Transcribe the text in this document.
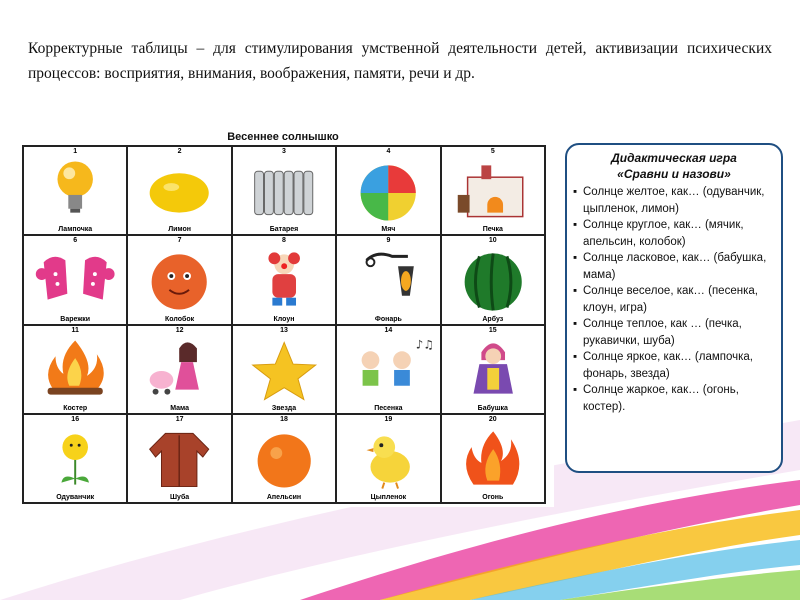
Корректурные таблицы – для стимулирования умственной деятельности детей, активизации психических процессов: восприятия, внимания, воображения, памяти, речи и др.
Весеннее солнышко
1
Лампочка
2
Лимон
3
Батарея
4
Мяч
5
Печка
6
Варежки
7
Колобок
8
Клоун
9
Фонарь
10
Арбуз
11
Костер
12
Мама
13
Звезда
14
♪♫
Песенка
15
Бабушка
16
Одуванчик
17
Шуба
18
Апельсин
19
Цыпленок
20
Огонь
Дидактическая игра
«Сравни и назови»
▪ Солнце желтое, как… (одуванчик, цыпленок, лимон)
▪ Солнце круглое, как… (мячик, апельсин, колобок)
▪ Солнце ласковое, как… (бабушка, мама)
▪ Солнце веселое, как… (песенка, клоун, игра)
▪ Солнце теплое, как … (печка, рукавички, шуба)
▪ Солнце яркое, как… (лампочка, фонарь, звезда)
▪ Солнце жаркое, как… (огонь, костер).
